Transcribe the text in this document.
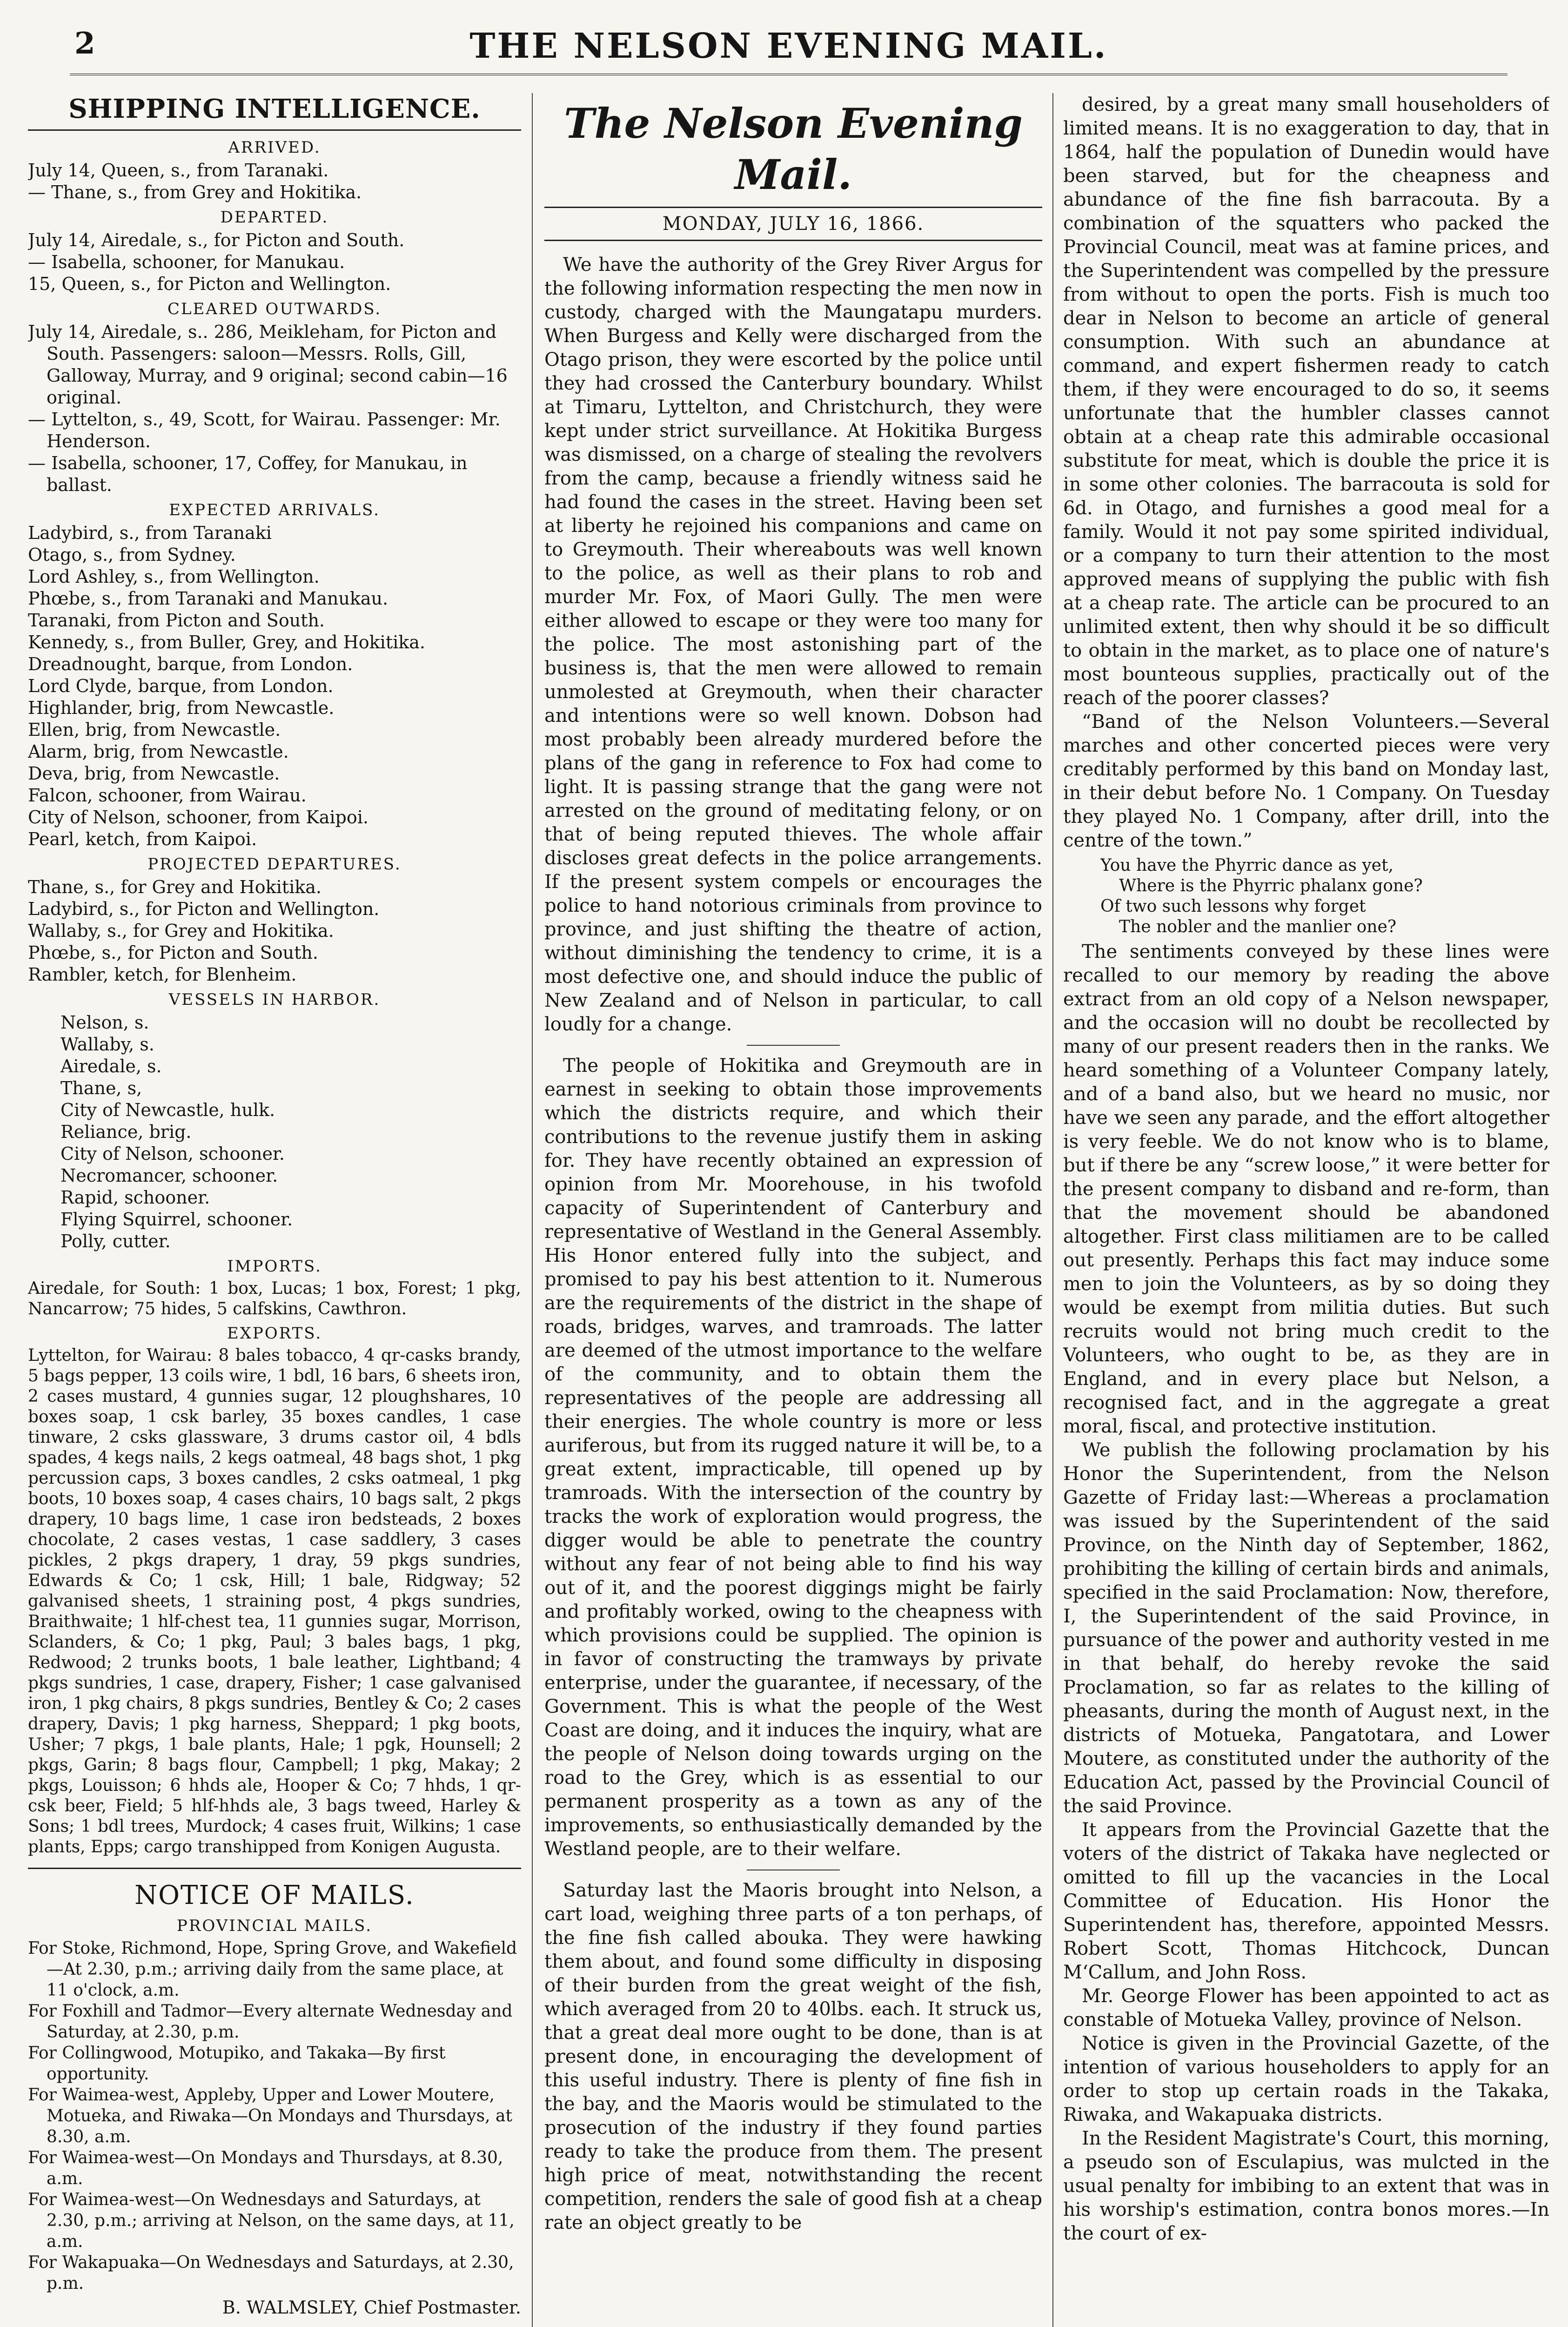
2	THE NELSON EVENING MAIL.
SHIPPING INTELLIGENCE.
ARRIVED.

July 14, Queen, s., from Taranaki.

— Thane, s., from Grey and Hokitika.

DEPARTED.

July 14, Airedale, s., for Picton and South.

— Isabella, schooner, for Manukau.

15, Queen, s., for Picton and Wellington.

CLEARED OUTWARDS.

July 14, Airedale, s.. 286, Meikleham, for Picton and South. Passengers: saloon—Messrs. Rolls, Gill, Galloway, Murray, and 9 original; second cabin—16 original.

— Lyttelton, s., 49, Scott, for Wairau. Passenger: Mr. Henderson.

— Isabella, schooner, 17, Coffey, for Manukau, in ballast.

EXPECTED ARRIVALS.

Ladybird, s., from Taranaki

Otago, s., from Sydney.

Lord Ashley, s., from Wellington.

Phœbe, s., from Taranaki and Manukau.

Taranaki, from Picton and South.

Kennedy, s., from Buller, Grey, and Hokitika.

Dreadnought, barque, from London.

Lord Clyde, barque, from London.

Highlander, brig, from Newcastle.

Ellen, brig, from Newcastle.

Alarm, brig, from Newcastle.

Deva, brig, from Newcastle.

Falcon, schooner, from Wairau.

City of Nelson, schooner, from Kaipoi.

Pearl, ketch, from Kaipoi.

PROJECTED DEPARTURES.

Thane, s., for Grey and Hokitika.

Ladybird, s., for Picton and Wellington.

Wallaby, s., for Grey and Hokitika.

Phœbe, s., for Picton and South.

Rambler, ketch, for Blenheim.

VESSELS IN HARBOR.

Nelson, s.

Wallaby, s.

Airedale, s.

Thane, s,

City of Newcastle, hulk.

Reliance, brig.

City of Nelson, schooner.

Necromancer, schooner.

Rapid, schooner.

Flying Squirrel, schooner.

Polly, cutter.

IMPORTS.

Airedale, for South: 1 box, Lucas; 1 box, Forest; 1 pkg, Nancarrow; 75 hides, 5 calfskins, Cawthron.

EXPORTS.

Lyttelton, for Wairau: 8 bales tobacco, 4 qr-casks brandy, 5 bags pepper, 13 coils wire, 1 bdl, 16 bars, 6 sheets iron, 2 cases mustard, 4 gunnies sugar, 12 ploughshares, 10 boxes soap, 1 csk barley, 35 boxes candles, 1 case tinware, 2 csks glassware, 3 drums castor oil, 4 bdls spades, 4 kegs nails, 2 kegs oatmeal, 48 bags shot, 1 pkg percussion caps, 3 boxes candles, 2 csks oatmeal, 1 pkg boots, 10 boxes soap, 4 cases chairs, 10 bags salt, 2 pkgs drapery, 10 bags lime, 1 case iron bedsteads, 2 boxes chocolate, 2 cases vestas, 1 case saddlery, 3 cases pickles, 2 pkgs drapery, 1 dray, 59 pkgs sundries, Edwards & Co; 1 csk, Hill; 1 bale, Ridgway; 52 galvanised sheets, 1 straining post, 4 pkgs sundries, Braithwaite; 1 hlf-chest tea, 11 gunnies sugar, Morrison, Sclanders, & Co; 1 pkg, Paul; 3 bales bags, 1 pkg, Redwood; 2 trunks boots, 1 bale leather, Lightband; 4 pkgs sundries, 1 case, drapery, Fisher; 1 case galvanised iron, 1 pkg chairs, 8 pkgs sundries, Bentley & Co; 2 cases drapery, Davis; 1 pkg harness, Sheppard; 1 pkg boots, Usher; 7 pkgs, 1 bale plants, Hale; 1 pgk, Hounsell; 2 pkgs, Garin; 8 bags flour, Campbell; 1 pkg, Makay; 2 pkgs, Louisson; 6 hhds ale, Hooper & Co; 7 hhds, 1 qr-csk beer, Field; 5 hlf-hhds ale, 3 bags tweed, Harley & Sons; 1 bdl trees, Murdock; 4 cases fruit, Wilkins; 1 case plants, Epps; cargo transhipped from Konigen Augusta.

NOTICE OF MAILS.
PROVINCIAL MAILS.

For Stoke, Richmond, Hope, Spring Grove, and Wakefield—At 2.30, p.m.; arriving daily from the same place, at 11 o'clock, a.m.

For Foxhill and Tadmor—Every alternate Wednesday and Saturday, at 2.30, p.m.

For Collingwood, Motupiko, and Takaka—By first opportunity.

For Waimea-west, Appleby, Upper and Lower Moutere, Motueka, and Riwaka—On Mondays and Thursdays, at 8.30, a.m.

For Waimea-west—On Mondays and Thursdays, at 8.30, a.m.

For Waimea-west—On Wednesdays and Saturdays, at 2.30, p.m.; arriving at Nelson, on the same days, at 11, a.m.

For Wakapuaka—On Wednesdays and Saturdays, at 2.30, p.m.

B. WALMSLEY, Chief Postmaster.

The Nelson Evening Mail.
MONDAY, JULY 16, 1866.

We have the authority of the Grey River Argus for the following information respecting the men now in custody, charged with the Maungatapu murders. When Burgess and Kelly were discharged from the Otago prison, they were escorted by the police until they had crossed the Canterbury boundary. Whilst at Timaru, Lyttelton, and Christchurch, they were kept under strict surveillance. At Hokitika Burgess was dismissed, on a charge of stealing the revolvers from the camp, because a friendly witness said he had found the cases in the street. Having been set at liberty he rejoined his companions and came on to Greymouth. Their whereabouts was well known to the police, as well as their plans to rob and murder Mr. Fox, of Maori Gully. The men were either allowed to escape or they were too many for the police. The most astonishing part of the business is, that the men were allowed to remain unmolested at Greymouth, when their character and intentions were so well known. Dobson had most probably been already murdered before the plans of the gang in reference to Fox had come to light. It is passing strange that the gang were not arrested on the ground of meditating felony, or on that of being reputed thieves. The whole affair discloses great defects in the police arrangements. If the present system compels or encourages the police to hand notorious criminals from province to province, and just shifting the theatre of action, without diminishing the tendency to crime, it is a most defective one, and should induce the public of New Zealand and of Nelson in particular, to call loudly for a change.

The people of Hokitika and Greymouth are in earnest in seeking to obtain those improvements which the districts require, and which their contributions to the revenue justify them in asking for. They have recently obtained an expression of opinion from Mr. Moorehouse, in his twofold capacity of Superintendent of Canterbury and representative of Westland in the General Assembly. His Honor entered fully into the subject, and promised to pay his best attention to it. Numerous are the requirements of the district in the shape of roads, bridges, warves, and tramroads. The latter are deemed of the utmost importance to the welfare of the community, and to obtain them the representatives of the people are addressing all their energies. The whole country is more or less auriferous, but from its rugged nature it will be, to a great extent, impracticable, till opened up by tramroads. With the intersection of the country by tracks the work of exploration would progress, the digger would be able to penetrate the country without any fear of not being able to find his way out of it, and the poorest diggings might be fairly and profitably worked, owing to the cheapness with which provisions could be supplied. The opinion is in favor of constructing the tramways by private enterprise, under the guarantee, if necessary, of the Government. This is what the people of the West Coast are doing, and it induces the inquiry, what are the people of Nelson doing towards urging on the road to the Grey, which is as essential to our permanent prosperity as a town as any of the improvements, so enthusiastically demanded by the Westland people, are to their welfare.

Saturday last the Maoris brought into Nelson, a cart load, weighing three parts of a ton perhaps, of the fine fish called abouka. They were hawking them about, and found some difficulty in disposing of their burden from the great weight of the fish, which averaged from 20 to 40lbs. each. It struck us, that a great deal more ought to be done, than is at present done, in encouraging the development of this useful industry. There is plenty of fine fish in the bay, and the Maoris would be stimulated to the prosecution of the industry if they found parties ready to take the produce from them. The present high price of meat, notwithstanding the recent competition, renders the sale of good fish at a cheap rate an object greatly to be

desired, by a great many small householders of limited means. It is no exaggeration to day, that in 1864, half the population of Dunedin would have been starved, but for the cheapness and abundance of the fine fish barracouta. By a combination of the squatters who packed the Provincial Council, meat was at famine prices, and the Superintendent was compelled by the pressure from without to open the ports. Fish is much too dear in Nelson to become an article of general consumption. With such an abundance at command, and expert fishermen ready to catch them, if they were encouraged to do so, it seems unfortunate that the humbler classes cannot obtain at a cheap rate this admirable occasional substitute for meat, which is double the price it is in some other colonies. The barracouta is sold for 6d. in Otago, and furnishes a good meal for a family. Would it not pay some spirited individual, or a company to turn their attention to the most approved means of supplying the public with fish at a cheap rate. The article can be procured to an unlimited extent, then why should it be so difficult to obtain in the market, as to place one of nature's most bounteous supplies, practically out of the reach of the poorer classes?

“Band of the Nelson Volunteers.—Several marches and other concerted pieces were very creditably performed by this band on Monday last, in their debut before No. 1 Company. On Tuesday they played No. 1 Company, after drill, into the centre of the town.”

You have the Phyrric dance as yet,

Where is the Phyrric phalanx gone?

Of two such lessons why forget

The nobler and the manlier one?

The sentiments conveyed by these lines were recalled to our memory by reading the above extract from an old copy of a Nelson newspaper, and the occasion will no doubt be recollected by many of our present readers then in the ranks. We heard something of a Volunteer Company lately, and of a band also, but we heard no music, nor have we seen any parade, and the effort altogether is very feeble. We do not know who is to blame, but if there be any “screw loose,” it were better for the present company to disband and re-form, than that the movement should be abandoned altogether. First class militiamen are to be called out presently. Perhaps this fact may induce some men to join the Volunteers, as by so doing they would be exempt from militia duties. But such recruits would not bring much credit to the Volunteers, who ought to be, as they are in England, and in every place but Nelson, a recognised fact, and in the aggregate a great moral, fiscal, and protective institution.

We publish the following proclamation by his Honor the Superintendent, from the Nelson Gazette of Friday last:—Whereas a proclamation was issued by the Superintendent of the said Province, on the Ninth day of September, 1862, prohibiting the killing of certain birds and animals, specified in the said Proclamation: Now, therefore, I, the Superintendent of the said Province, in pursuance of the power and authority vested in me in that behalf, do hereby revoke the said Proclamation, so far as relates to the killing of pheasants, during the month of August next, in the districts of Motueka, Pangatotara, and Lower Moutere, as constituted under the authority of the Education Act, passed by the Provincial Council of the said Province.

It appears from the Provincial Gazette that the voters of the district of Takaka have neglected or omitted to fill up the vacancies in the Local Committee of Education. His Honor the Superintendent has, therefore, appointed Messrs. Robert Scott, Thomas Hitchcock, Duncan M‘Callum, and John Ross.

Mr. George Flower has been appointed to act as constable of Motueka Valley, province of Nelson.

Notice is given in the Provincial Gazette, of the intention of various householders to apply for an order to stop up certain roads in the Takaka, Riwaka, and Wakapuaka districts.

In the Resident Magistrate's Court, this morning, a pseudo son of Esculapius, was mulcted in the usual penalty for imbibing to an extent that was in his worship's estimation, contra bonos mores.—In the court of ex-
